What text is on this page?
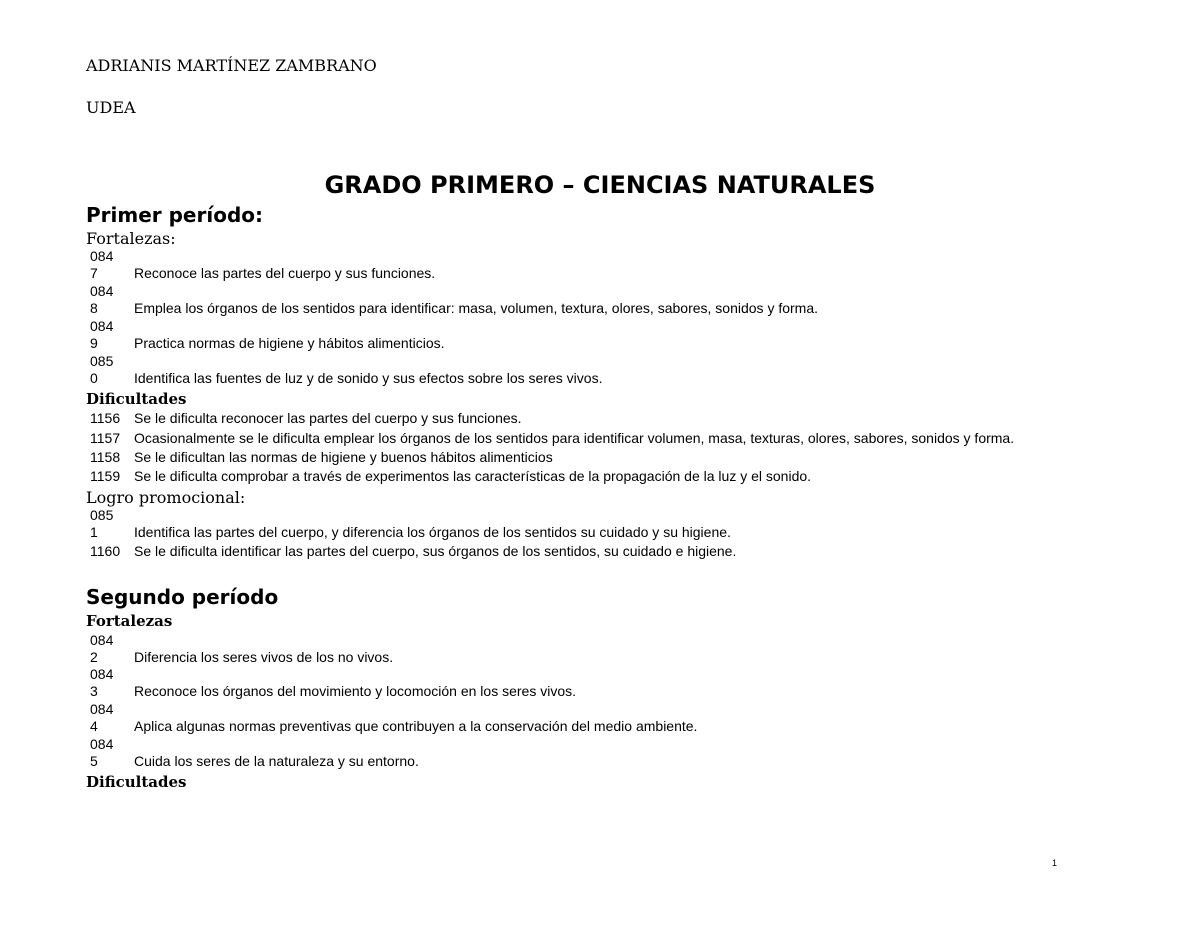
ADRIANIS MARTÍNEZ ZAMBRANO
UDEA
GRADO PRIMERO – CIENCIAS NATURALES
Primer período:
Fortalezas:
084
7	Reconoce las partes del cuerpo y sus funciones.
084
8	Emplea los órganos de los sentidos para identificar: masa, volumen, textura, olores, sabores, sonidos y forma.
084
9	Practica normas de higiene y hábitos alimenticios.
085
0	Identifica las fuentes de luz y de sonido y sus efectos sobre los seres vivos.
Dificultades
1156 Se le dificulta reconocer las partes del cuerpo y sus funciones.
1157 Ocasionalmente se le dificulta emplear los órganos de los sentidos para identificar volumen, masa, texturas, olores, sabores, sonidos y forma.
1158 Se le dificultan las normas de higiene y buenos hábitos alimenticios
1159 Se le dificulta comprobar a través de experimentos las características de la propagación de la luz y el sonido.
Logro promocional:
085
1	Identifica las partes del cuerpo, y diferencia los órganos de los sentidos su cuidado y su higiene.
1160 Se le dificulta identificar las partes del cuerpo, sus órganos de los sentidos, su cuidado e higiene.
Segundo período
Fortalezas
084
2	Diferencia los seres vivos de los no vivos.
084
3	Reconoce los órganos del movimiento y locomoción en los seres vivos.
084
4	Aplica algunas normas preventivas que contribuyen a la conservación del medio ambiente.
084
5	Cuida los seres de la naturaleza y su entorno.
Dificultades
1
